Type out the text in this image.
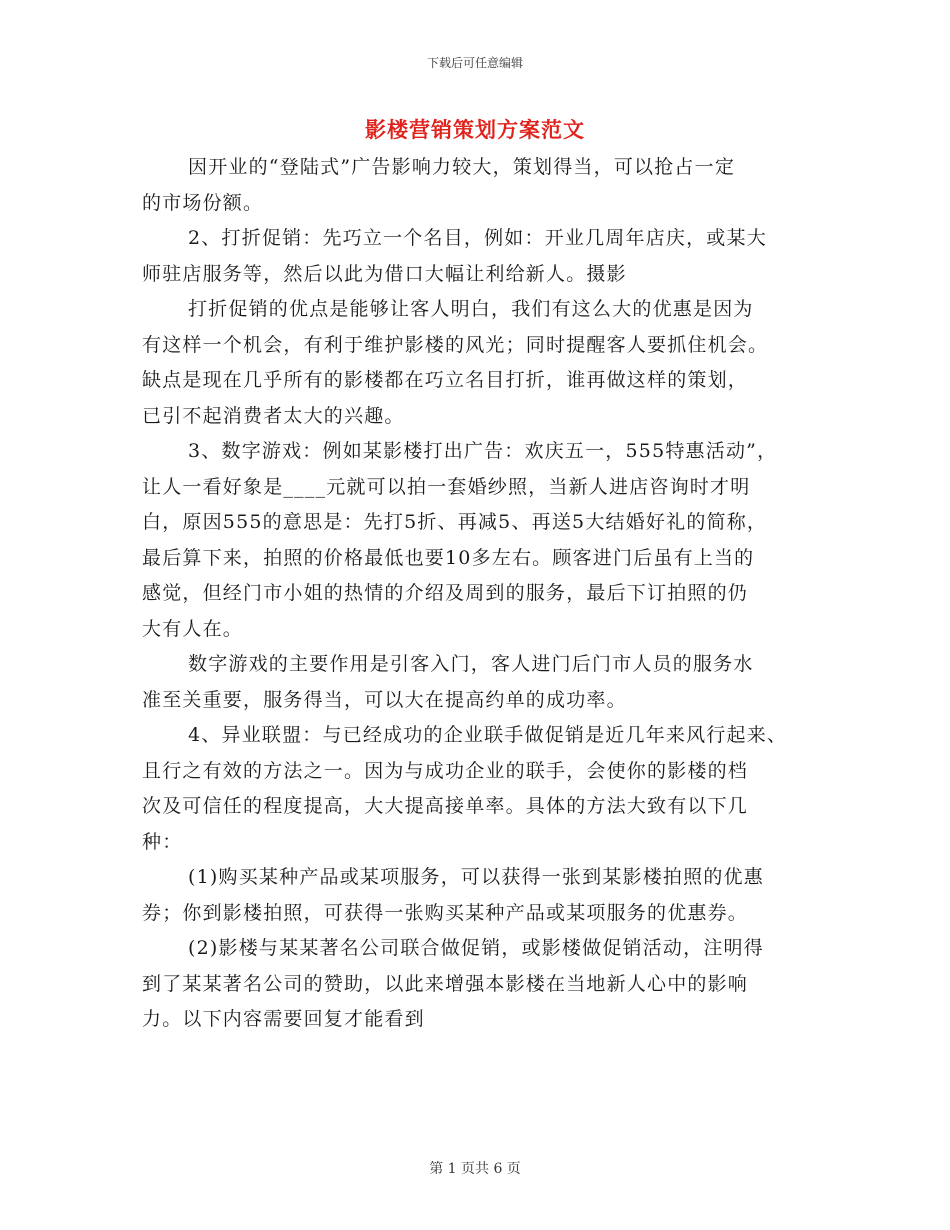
下载后可任意编辑
影楼营销策划方案范文
因开业的“登陆式”广告影响力较大，策划得当，可以抢占一定
的市场份额。
2、打折促销：先巧立一个名目，例如：开业几周年店庆，或某大
师驻店服务等，然后以此为借口大幅让利给新人。摄影
打折促销的优点是能够让客人明白，我们有这么大的优惠是因为
有这样一个机会，有利于维护影楼的风光；同时提醒客人要抓住机会。
缺点是现在几乎所有的影楼都在巧立名目打折，谁再做这样的策划，
已引不起消费者太大的兴趣。
3、数字游戏：例如某影楼打出广告：欢庆五一，555特惠活动”，
让人一看好象是____元就可以拍一套婚纱照，当新人进店咨询时才明
白，原因555的意思是：先打5折、再减5、再送5大结婚好礼的简称，
最后算下来，拍照的价格最低也要10多左右。顾客进门后虽有上当的
感觉，但经门市小姐的热情的介绍及周到的服务，最后下订拍照的仍
大有人在。
数字游戏的主要作用是引客入门，客人进门后门市人员的服务水
准至关重要，服务得当，可以大在提高约单的成功率。
4、异业联盟：与已经成功的企业联手做促销是近几年来风行起来、
且行之有效的方法之一。因为与成功企业的联手，会使你的影楼的档
次及可信任的程度提高，大大提高接单率。具体的方法大致有以下几
种：
(1)购买某种产品或某项服务，可以获得一张到某影楼拍照的优惠
券；你到影楼拍照，可获得一张购买某种产品或某项服务的优惠券。
(2)影楼与某某著名公司联合做促销，或影楼做促销活动，注明得
到了某某著名公司的赞助，以此来增强本影楼在当地新人心中的影响
力。以下内容需要回复才能看到
第 1 页共 6 页
